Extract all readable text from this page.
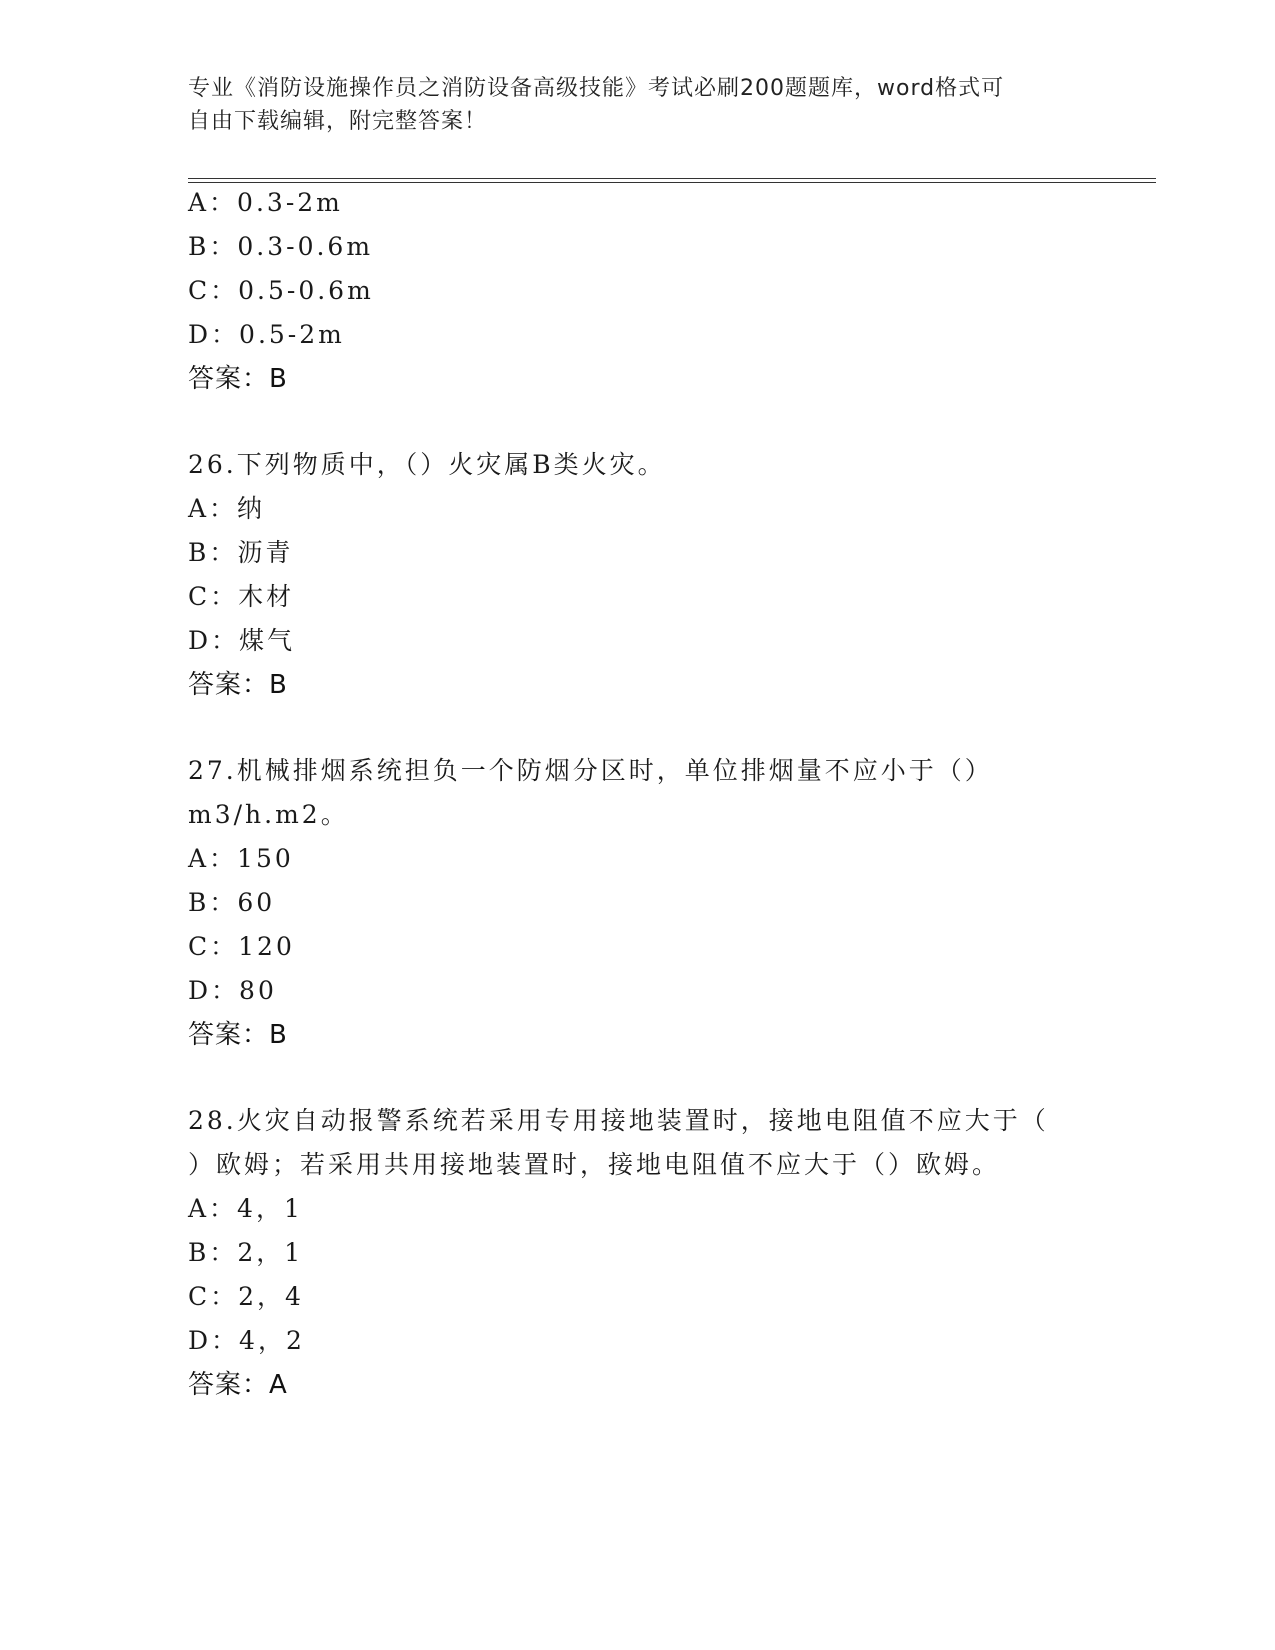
专业《消防设施操作员之消防设备高级技能》考试必刷200题题库，word格式可
自由下载编辑，附完整答案！
A：0.3-2m
B：0.3-0.6m
C：0.5-0.6m
D：0.5-2m
答案：B
26.下列物质中，（）火灾属B类火灾。
A：纳
B：沥青
C：木材
D：煤气
答案：B
27.机械排烟系统担负一个防烟分区时，单位排烟量不应小于（）
m3/h.m2。
A：150
B：60
C：120
D：80
答案：B
28.火灾自动报警系统若采用专用接地装置时，接地电阻值不应大于（
）欧姆；若采用共用接地装置时，接地电阻值不应大于（）欧姆。
A：4，1
B：2，1
C：2，4
D：4，2
答案：A
